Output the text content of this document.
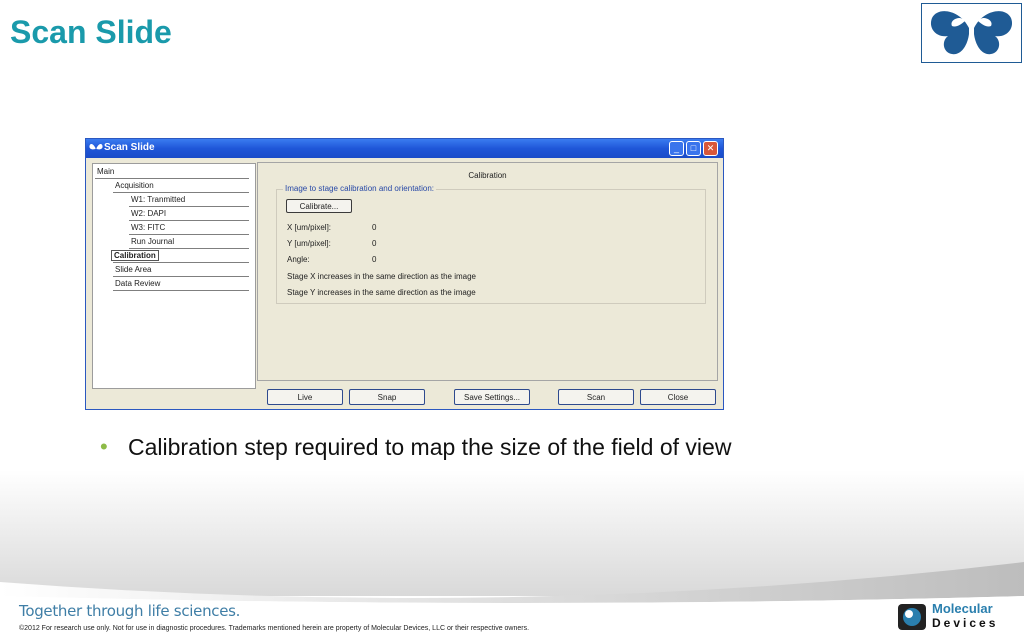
Scan Slide
Scan Slide	_	□	✕
Main
Acquisition
W1: Tranmitted
W2: DAPI
W3: FITC
Run Journal
Calibration
Slide Area
Data Review
Calibration
Image to stage calibration and orientation:
Calibrate...
X [um/pixel]:	0
Y [um/pixel]:	0
Angle:	0
Stage X increases in the same direction as the image
Stage Y increases in the same direction as the image
Live	Snap	Save Settings...	Scan	Close
• Calibration step required to map the size of the field of view
Together through life sciences.
©2012 For research use only. Not for use in diagnostic procedures. Trademarks mentioned herein are property of Molecular Devices, LLC or their respective owners.
Molecular
Devices
